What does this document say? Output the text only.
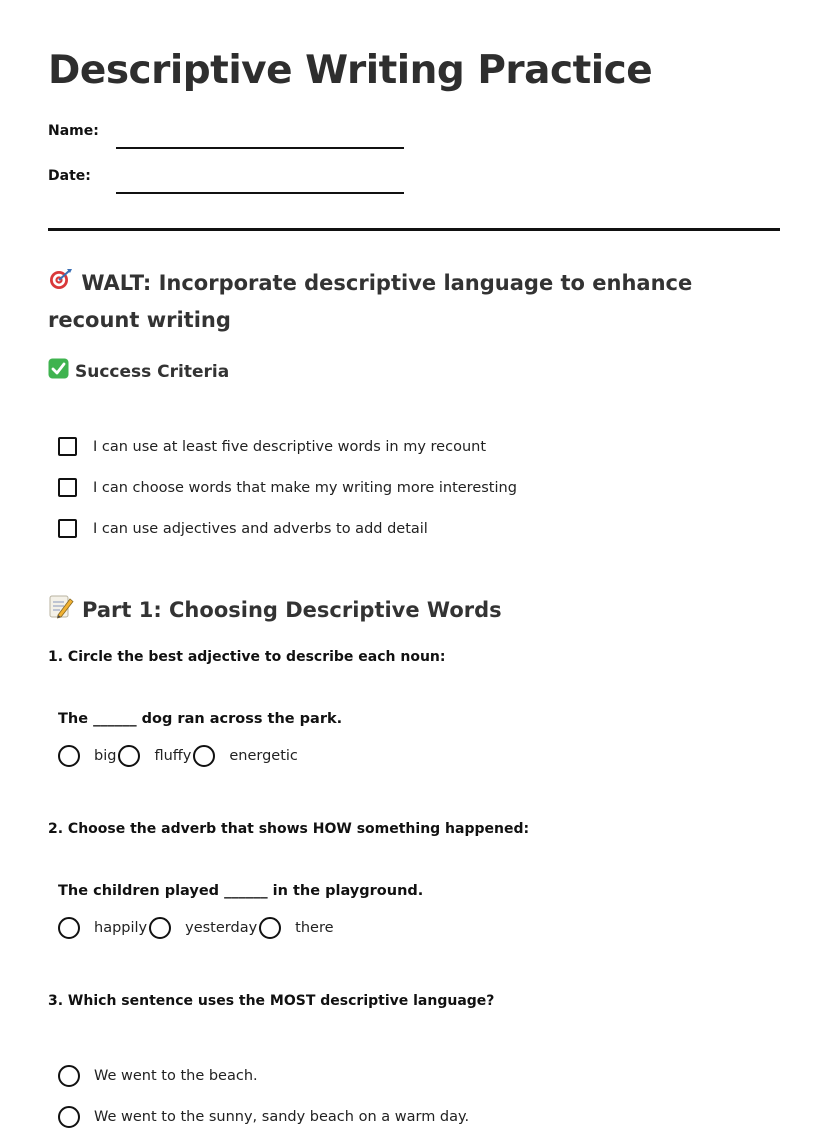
Descriptive Writing Practice
Name:
Date:
WALT: Incorporate descriptive language to enhance recount writing
Success Criteria
I can use at least five descriptive words in my recount
I can choose words that make my writing more interesting
I can use adjectives and adverbs to add detail
Part 1: Choosing Descriptive Words
1. Circle the best adjective to describe each noun:
The ______ dog ran across the park.
big	fluffy	energetic
2. Choose the adverb that shows HOW something happened:
The children played ______ in the playground.
happily	yesterday	there
3. Which sentence uses the MOST descriptive language?
We went to the beach.
We went to the sunny, sandy beach on a warm day.
